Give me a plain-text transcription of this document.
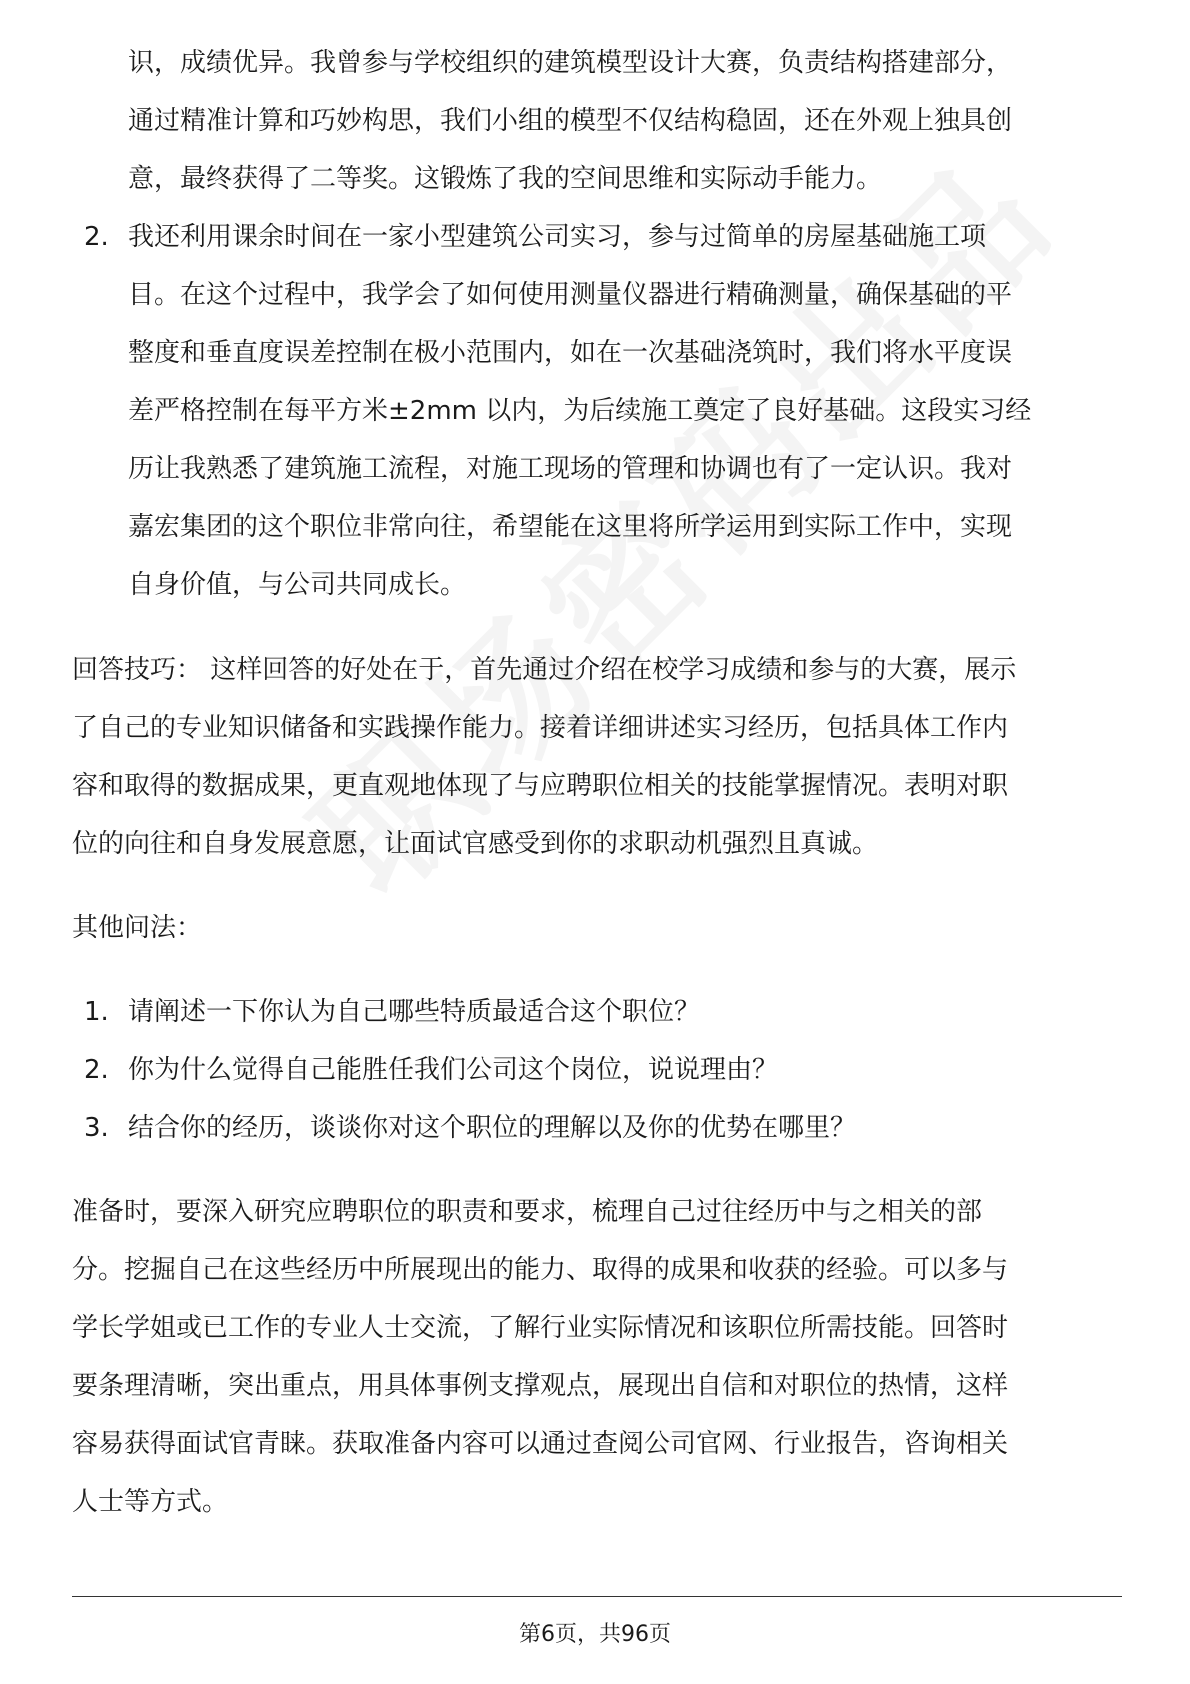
识，成绩优异。我曾参与学校组织的建筑模型设计大赛，负责结构搭建部分，
通过精准计算和巧妙构思，我们小组的模型不仅结构稳固，还在外观上独具创
意，最终获得了二等奖。这锻炼了我的空间思维和实际动手能力。
2. 我还利用课余时间在一家小型建筑公司实习，参与过简单的房屋基础施工项
目。在这个过程中，我学会了如何使用测量仪器进行精确测量，确保基础的平
整度和垂直度误差控制在极小范围内，如在一次基础浇筑时，我们将水平度误
差严格控制在每平方米±2mm 以内，为后续施工奠定了良好基础。这段实习经
历让我熟悉了建筑施工流程，对施工现场的管理和协调也有了一定认识。我对
嘉宏集团的这个职位非常向往，希望能在这里将所学运用到实际工作中，实现
自身价值，与公司共同成长。
回答技巧： 这样回答的好处在于，首先通过介绍在校学习成绩和参与的大赛，展示
了自己的专业知识储备和实践操作能力。接着详细讲述实习经历，包括具体工作内
容和取得的数据成果，更直观地体现了与应聘职位相关的技能掌握情况。表明对职
位的向往和自身发展意愿，让面试官感受到你的求职动机强烈且真诚。
其他问法：
1. 请阐述一下你认为自己哪些特质最适合这个职位？
2. 你为什么觉得自己能胜任我们公司这个岗位，说说理由？
3. 结合你的经历，谈谈你对这个职位的理解以及你的优势在哪里？
准备时，要深入研究应聘职位的职责和要求，梳理自己过往经历中与之相关的部
分。挖掘自己在这些经历中所展现出的能力、取得的成果和收获的经验。可以多与
学长学姐或已工作的专业人士交流，了解行业实际情况和该职位所需技能。回答时
要条理清晰，突出重点，用具体事例支撑观点，展现出自信和对职位的热情，这样
容易获得面试官青睐。获取准备内容可以通过查阅公司官网、行业报告，咨询相关
人士等方式。
第6页，共96页
